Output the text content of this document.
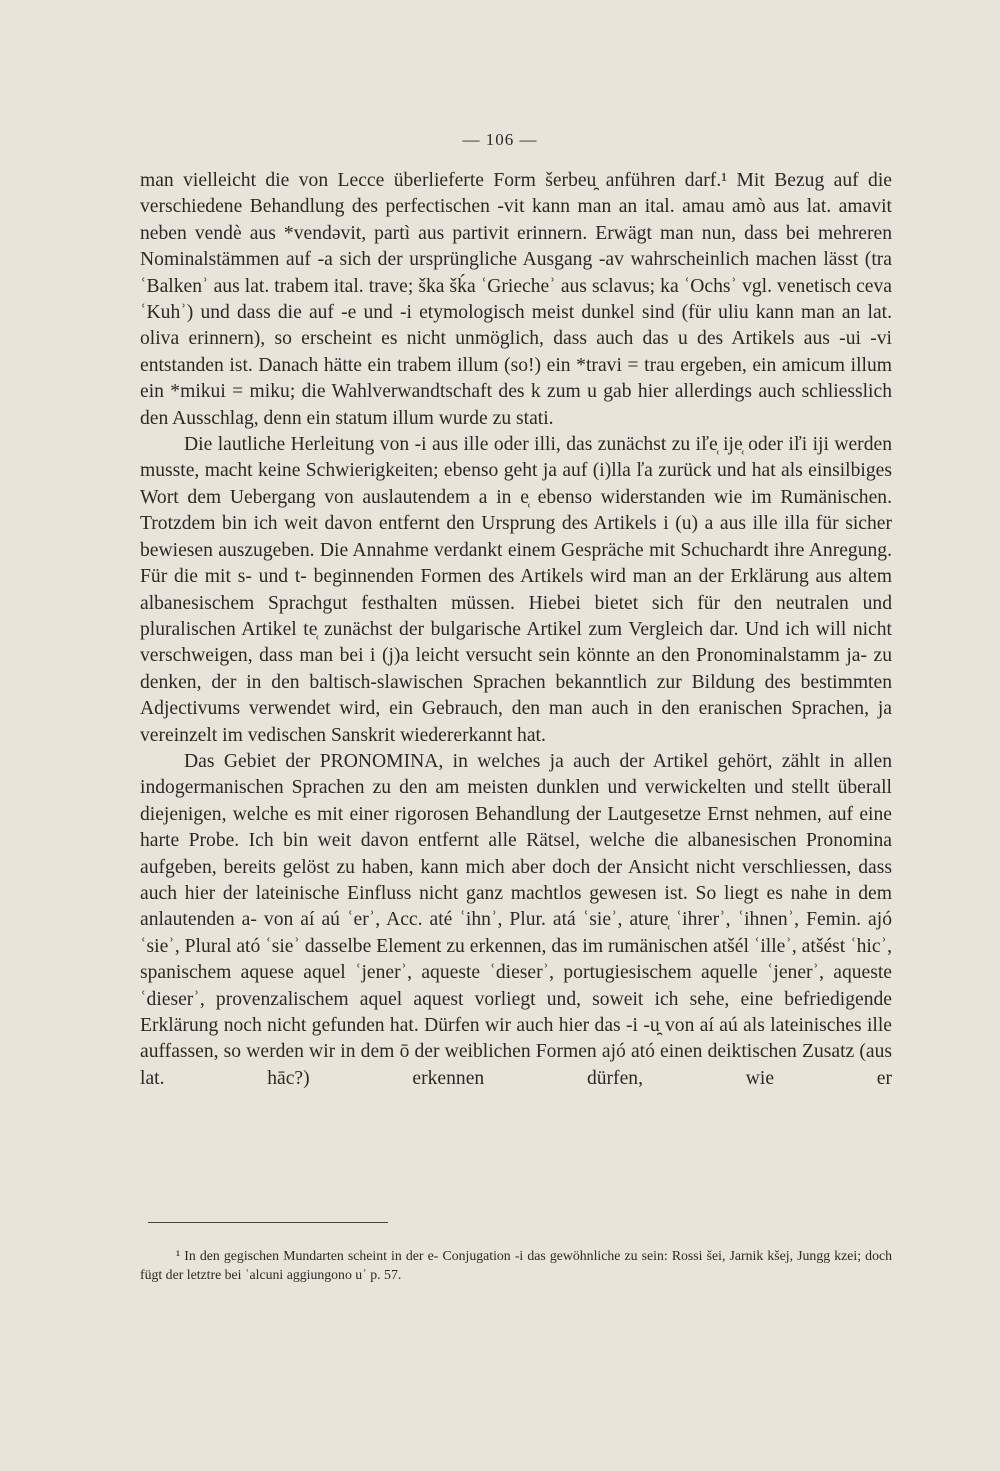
— 106 —

man vielleicht die von Lecce überlieferte Form šerbeu̯ anführen darf.¹ Mit Bezug auf die verschiedene Behandlung des perfectischen -vit kann man an ital. amau amò aus lat. amavit neben vendè aus *vendəvit, partì aus partivit erinnern. Erwägt man nun, dass bei mehreren Nominalstämmen auf -a sich der ursprüngliche Ausgang -av wahrscheinlich machen lässt (tra ʿBalkenʾ aus lat. trabem ital. trave; ška šḱa ʿGriecheʾ aus sclavus; ka ʿOchsʾ vgl. venetisch ceva ʿKuhʾ) und dass die auf -e und -i etymologisch meist dunkel sind (für uliu kann man an lat. oliva erinnern), so erscheint es nicht unmöglich, dass auch das u des Artikels aus -ui -vi entstanden ist. Danach hätte ein trabem illum (so!) ein *travi = trau ergeben, ein amicum illum ein *mikui = miku; die Wahlverwandtschaft des k zum u gab hier allerdings auch schliesslich den Ausschlag, denn ein statum illum wurde zu stati.

Die lautliche Herleitung von -i aus ille oder illi, das zunächst zu iľe̜ ije̜ oder iľi iji werden musste, macht keine Schwierigkeiten; ebenso geht ja auf (i)lla ľa zurück und hat als einsilbiges Wort dem Uebergang von auslautendem a in e̜ ebenso widerstanden wie im Rumänischen. Trotzdem bin ich weit davon entfernt den Ursprung des Artikels i (u) a aus ille illa für sicher bewiesen auszugeben. Die Annahme verdankt einem Gespräche mit Schuchardt ihre Anregung. Für die mit s- und t- beginnenden Formen des Artikels wird man an der Erklärung aus altem albanesischem Sprachgut festhalten müssen. Hiebei bietet sich für den neutralen und pluralischen Artikel te̜ zunächst der bulgarische Artikel zum Vergleich dar. Und ich will nicht verschweigen, dass man bei i (j)a leicht versucht sein könnte an den Pronominalstamm ja- zu denken, der in den baltisch-slawischen Sprachen bekanntlich zur Bildung des bestimmten Adjectivums verwendet wird, ein Gebrauch, den man auch in den eranischen Sprachen, ja vereinzelt im vedischen Sanskrit wiedererkannt hat.

Das Gebiet der PRONOMINA, in welches ja auch der Artikel gehört, zählt in allen indogermanischen Sprachen zu den am meisten dunklen und verwickelten und stellt überall diejenigen, welche es mit einer rigorosen Behandlung der Lautgesetze Ernst nehmen, auf eine harte Probe. Ich bin weit davon entfernt alle Rätsel, welche die albanesischen Pronomina aufgeben, bereits gelöst zu haben, kann mich aber doch der Ansicht nicht verschliessen, dass auch hier der lateinische Einfluss nicht ganz machtlos gewesen ist. So liegt es nahe in dem anlautenden a- von aí aú ʿerʾ, Acc. até ʿihnʾ, Plur. atá ʿsieʾ, ature̜ ʿihrerʾ, ʿihnenʾ, Femin. ajó ʿsieʾ, Plural ató ʿsieʾ dasselbe Element zu erkennen, das im rumänischen atšél ʿilleʾ, atšést ʿhicʾ, spanischem aquese aquel ʿjenerʾ, aqueste ʿdieserʾ, portugiesischem aquelle ʿjenerʾ, aqueste ʿdieserʾ, provenzalischem aquel aquest vorliegt und, soweit ich sehe, eine befriedigende Erklärung noch nicht gefunden hat. Dürfen wir auch hier das -i -u̯ von aí aú als lateinisches ille auffassen, so werden wir in dem ō der weiblichen Formen ajó ató einen deiktischen Zusatz (aus lat. hāc?) erkennen dürfen, wie er

¹ In den gegischen Mundarten scheint in der e- Conjugation -i das gewöhnliche zu sein: Rossi šei, Jarnik kšej, Jungg kzei; doch fügt der letztre bei ʿalcuni aggiungono uʾ p. 57.
